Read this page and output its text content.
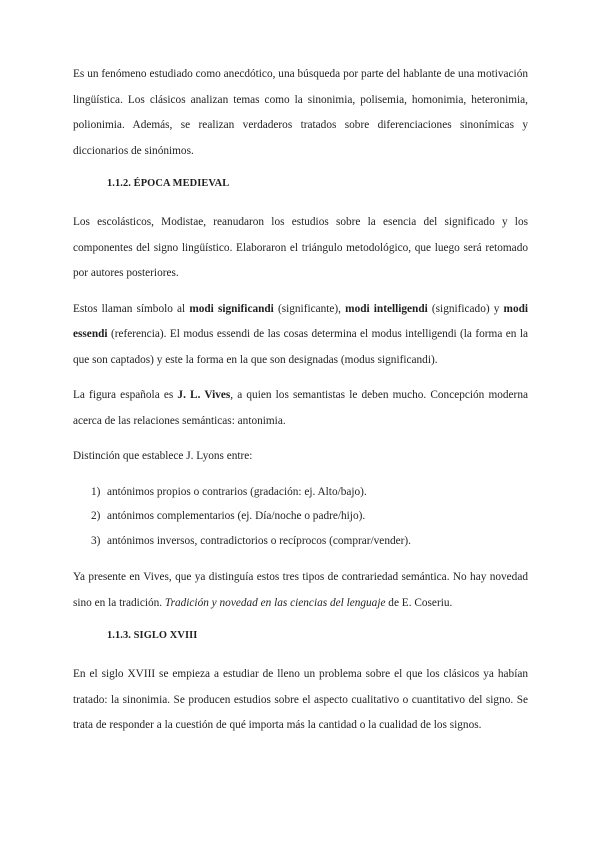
Es un fenómeno estudiado como anecdótico, una búsqueda por parte del hablante de una motivación lingüística. Los clásicos analizan temas como la sinonimia, polisemia, homonimia, heteronimia, polionimia. Además, se realizan verdaderos tratados sobre diferenciaciones sinonímicas y diccionarios de sinónimos.

1.1.2. ÉPOCA MEDIEVAL

Los escolásticos, Modistae, reanudaron los estudios sobre la esencia del significado y los componentes del signo lingüístico. Elaboraron el triángulo metodológico, que luego será retomado por autores posteriores.

Estos llaman símbolo al modi significandi (significante), modi intelligendi (significado) y modi essendi (referencia). El modus essendi de las cosas determina el modus intelligendi (la forma en la que son captados) y este la forma en la que son designadas (modus significandi).

La figura española es J. L. Vives, a quien los semantistas le deben mucho. Concepción moderna acerca de las relaciones semánticas: antonimia.

Distinción que establece J. Lyons entre:

1) antónimos propios o contrarios (gradación: ej. Alto/bajo).
2) antónimos complementarios (ej. Día/noche o padre/hijo).
3) antónimos inversos, contradictorios o recíprocos (comprar/vender).

Ya presente en Vives, que ya distinguía estos tres tipos de contrariedad semántica. No hay novedad sino en la tradición. Tradición y novedad en las ciencias del lenguaje de E. Coseriu.

1.1.3. SIGLO XVIII

En el siglo XVIII se empieza a estudiar de lleno un problema sobre el que los clásicos ya habían tratado: la sinonimia. Se producen estudios sobre el aspecto cualitativo o cuantitativo del signo. Se trata de responder a la cuestión de qué importa más la cantidad o la cualidad de los signos.
